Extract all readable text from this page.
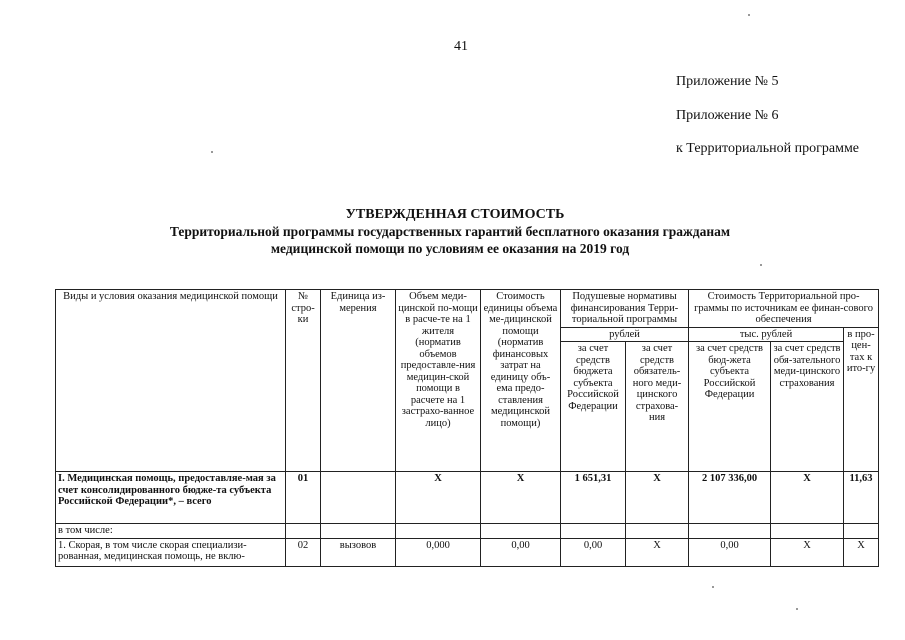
41
Приложение № 5
Приложение № 6
к Территориальной программе
УТВЕРЖДЕННАЯ СТОИМОСТЬ
Территориальной программы государственных гарантий бесплатного оказания гражданам
медицинской помощи по условиям ее оказания на 2019 год
Виды и условия оказания медицинской помощи	№ стро-ки	Единица из-мерения	Объем меди-цинской по-мощи в расче-те на 1 жителя (норматив объемов предоставле-ния медицин-ской помощи в расчете на 1 застрахо-ванное лицо)	Стоимость единицы объема ме-дицинской помощи (норматив финансовых затрат на единицу объ-ема предо-ставления медицинской помощи)	Подушевые нормативы финансирования Терри-ториальной программы		Стоимость Территориальной про-граммы по источникам ее финан-сового обеспечения		
					рублей		тыс. рублей		в про-цен-тах к ито-гу
					за счет средств бюджета субъекта Российской Федерации	за счет средств обязатель-ного меди-цинского страхова-ния	за счет средств бюд-жета субъекта Российской Федерации	за счет средств обя-зательного меди-цинского страхования	
I. Медицинская помощь, предоставляе-мая за счет консолидированного бюдже-та субъекта Российской Федерации*, – всего	01		X	X	1 651,31	X	2 107 336,00	X	11,63
в том числе:									
1. Скорая, в том числе скорая специализи-рованная, медицинская помощь, не вклю-	02	вызовов	0,000	0,00	0,00	X	0,00	X	X
